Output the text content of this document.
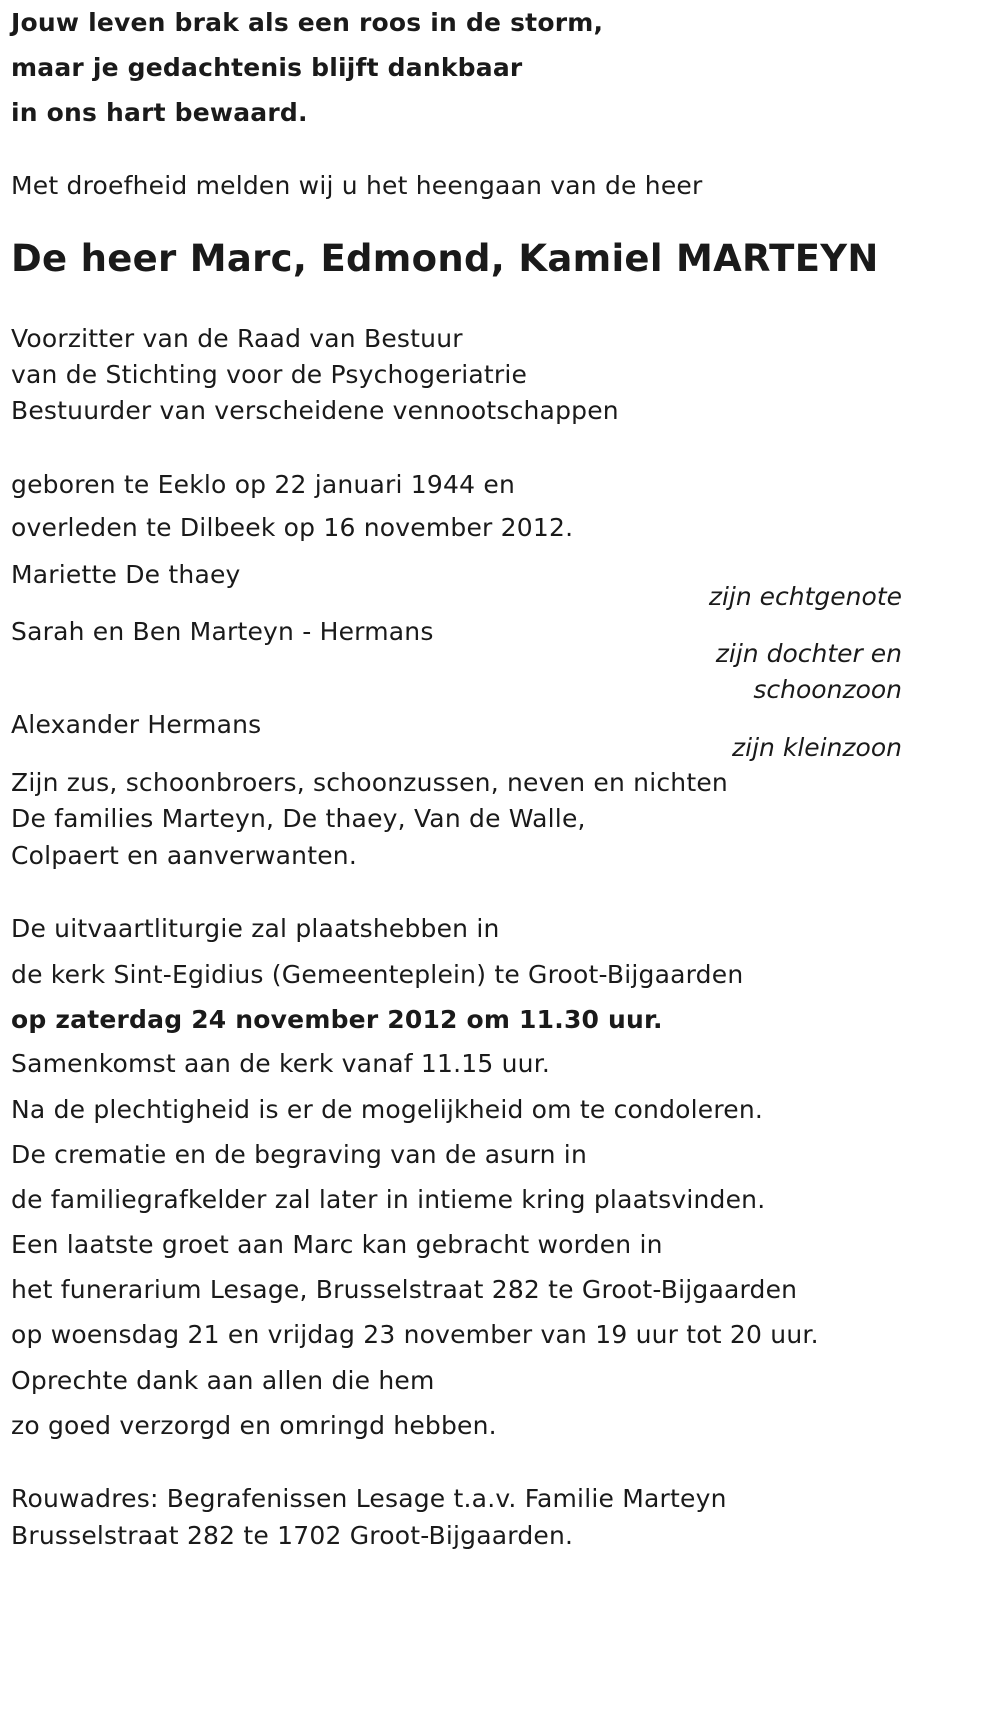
Jouw leven brak als een roos in de storm,
maar je gedachtenis blijft dankbaar
in ons hart bewaard.
Met droefheid melden wij u het heengaan van de heer
De heer Marc, Edmond, Kamiel MARTEYN
Voorzitter van de Raad van Bestuur
van de Stichting voor de Psychogeriatrie
Bestuurder van verscheidene vennootschappen
geboren te Eeklo op 22 januari 1944 en
overleden te Dilbeek op 16 november 2012.
Mariette De thaey
zijn echtgenote
Sarah en Ben Marteyn - Hermans
zijn dochter en
schoonzoon
Alexander Hermans
zijn kleinzoon
Zijn zus, schoonbroers, schoonzussen, neven en nichten
De families Marteyn, De thaey, Van de Walle,
Colpaert en aanverwanten.
De uitvaartliturgie zal plaatshebben in
de kerk Sint-Egidius (Gemeenteplein) te Groot-Bijgaarden
op zaterdag 24 november 2012 om 11.30 uur.
Samenkomst aan de kerk vanaf 11.15 uur.
Na de plechtigheid is er de mogelijkheid om te condoleren.
De crematie en de begraving van de asurn in
de familiegrafkelder zal later in intieme kring plaatsvinden.
Een laatste groet aan Marc kan gebracht worden in
het funerarium Lesage, Brusselstraat 282 te Groot-Bijgaarden
op woensdag 21 en vrijdag 23 november van 19 uur tot 20 uur.
Oprechte dank aan allen die hem
zo goed verzorgd en omringd hebben.
Rouwadres: Begrafenissen Lesage t.a.v. Familie Marteyn
Brusselstraat 282 te 1702 Groot-Bijgaarden.
